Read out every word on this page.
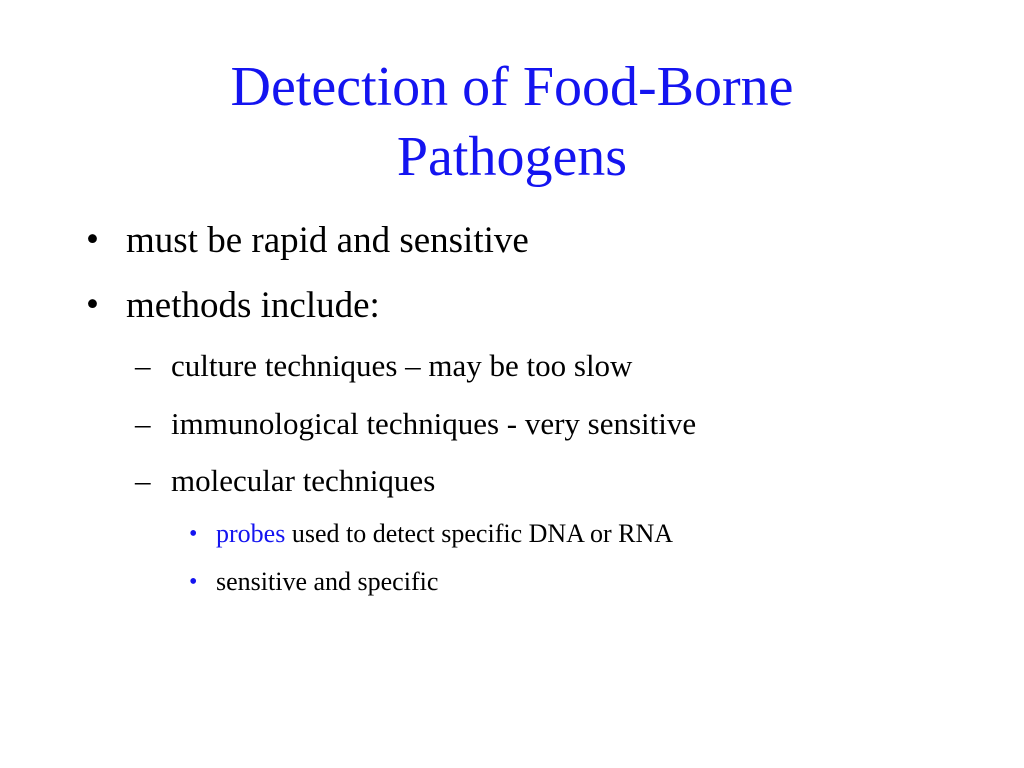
Detection of Food-Borne
Pathogens
• must be rapid and sensitive
• methods include:
– culture techniques – may be too slow
– immunological techniques - very sensitive
– molecular techniques
• probes used to detect specific DNA or RNA
• sensitive and specific
